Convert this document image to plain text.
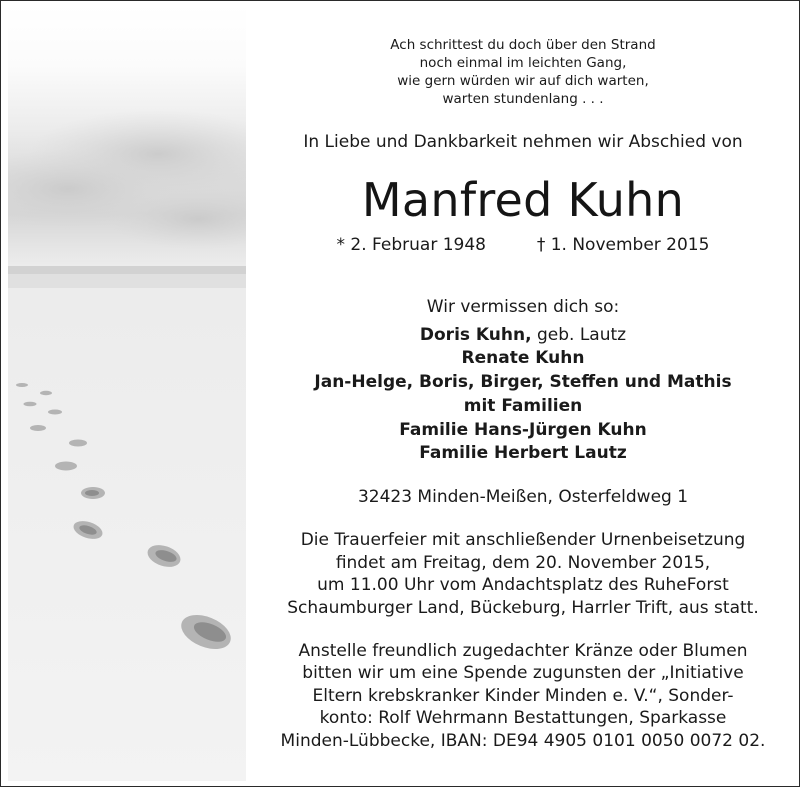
Ach schrittest du doch über den Strand
noch einmal im leichten Gang,
wie gern würden wir auf dich warten,
warten stundenlang . . .
In Liebe und Dankbarkeit nehmen wir Abschied von
Manfred Kuhn
* 2. Februar 1948	† 1. November 2015
Wir vermissen dich so:
Doris Kuhn, geb. Lautz
Renate Kuhn
Jan-Helge, Boris, Birger, Steffen und Mathis
mit Familien
Familie Hans-Jürgen Kuhn
Familie Herbert Lautz
32423 Minden-Meißen, Osterfeldweg 1
Die Trauerfeier mit anschließender Urnenbeisetzung
findet am Freitag, dem 20. November 2015,
um 11.00 Uhr vom Andachtsplatz des RuheForst
Schaumburger Land, Bückeburg, Harrler Trift, aus statt.
Anstelle freundlich zugedachter Kränze oder Blumen
bitten wir um eine Spende zugunsten der „Initiative
Eltern krebskranker Kinder Minden e. V.“, Sonder-
konto: Rolf Wehrmann Bestattungen, Sparkasse
Minden-Lübbecke, IBAN: DE94 4905 0101 0050 0072 02.
